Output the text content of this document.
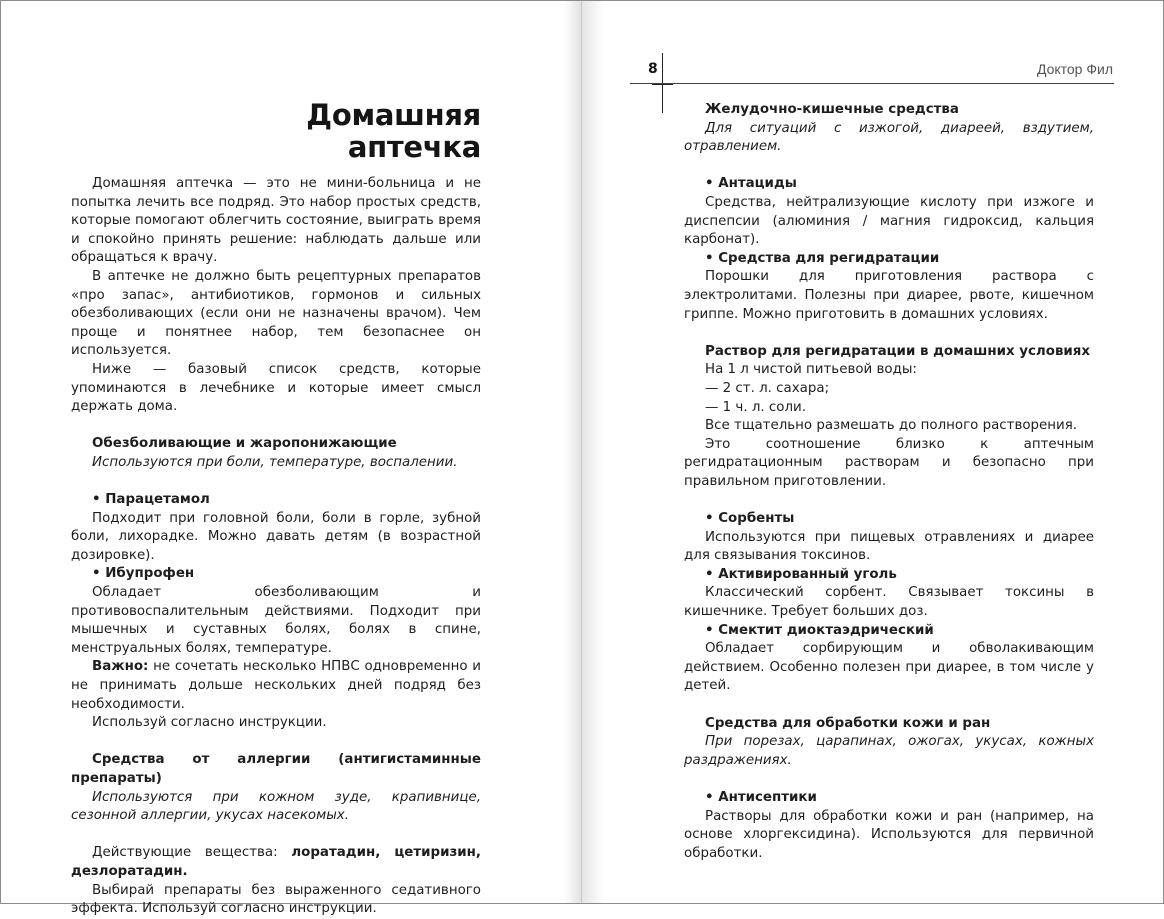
Домашняя
аптечка

Домашняя аптечка — это не мини-больница и не попытка лечить все подряд. Это набор простых средств, которые помогают облегчить состояние, выиграть время и спокойно принять решение: наблюдать дальше или обращаться к врачу.

В аптечке не должно быть рецептурных препаратов «про запас», антибиотиков, гормонов и сильных обезболивающих (если они не назначены врачом). Чем проще и понятнее набор, тем безопаснее он используется.

Ниже — базовый список средств, которые упоминаются в лечебнике и которые имеет смысл держать дома.

Обезболивающие и жаропонижающие

Используются при боли, температуре, воспалении.

• Парацетамол

Подходит при головной боли, боли в горле, зубной боли, лихорадке. Можно давать детям (в возрастной дозировке).

• Ибупрофен

Обладает обезболивающим и противовоспалительным действиями. Подходит при мышечных и суставных болях, болях в спине, менструальных болях, температуре.

Важно: не сочетать несколько НПВС одновременно и не принимать дольше нескольких дней подряд без необходимости.

Используй согласно инструкции.

Средства от аллергии (антигистаминные препараты)

Используются при кожном зуде, крапивнице, сезонной аллергии, укусах насекомых.

Действующие вещества: лоратадин, цетиризин, дезлоратадин.

Выбирай препараты без выраженного седативного эффекта. Используй согласно инструкции.

8	Доктор Фил

Желудочно-кишечные средства

Для ситуаций с изжогой, диареей, вздутием, отравлением.

• Антациды

Средства, нейтрализующие кислоту при изжоге и диспепсии (алюминия / магния гидроксид, кальция карбонат).

• Средства для регидратации

Порошки для приготовления раствора с электролитами. Полезны при диарее, рвоте, кишечном гриппе. Можно приготовить в домашних условиях.

Раствор для регидратации в домашних условиях

На 1 л чистой питьевой воды:

— 2 ст. л. сахара;

— 1 ч. л. соли.

Все тщательно размешать до полного растворения.

Это соотношение близко к аптечным регидратационным растворам и безопасно при правильном приготовлении.

• Сорбенты

Используются при пищевых отравлениях и диарее для связывания токсинов.

• Активированный уголь

Классический сорбент. Связывает токсины в кишечнике. Требует больших доз.

• Смектит диоктаэдрический

Обладает сорбирующим и обволакивающим действием. Особенно полезен при диарее, в том числе у детей.

Средства для обработки кожи и ран

При порезах, царапинах, ожогах, укусах, кожных раздражениях.

• Антисептики

Растворы для обработки кожи и ран (например, на основе хлоргексидина). Используются для первичной обработки.
